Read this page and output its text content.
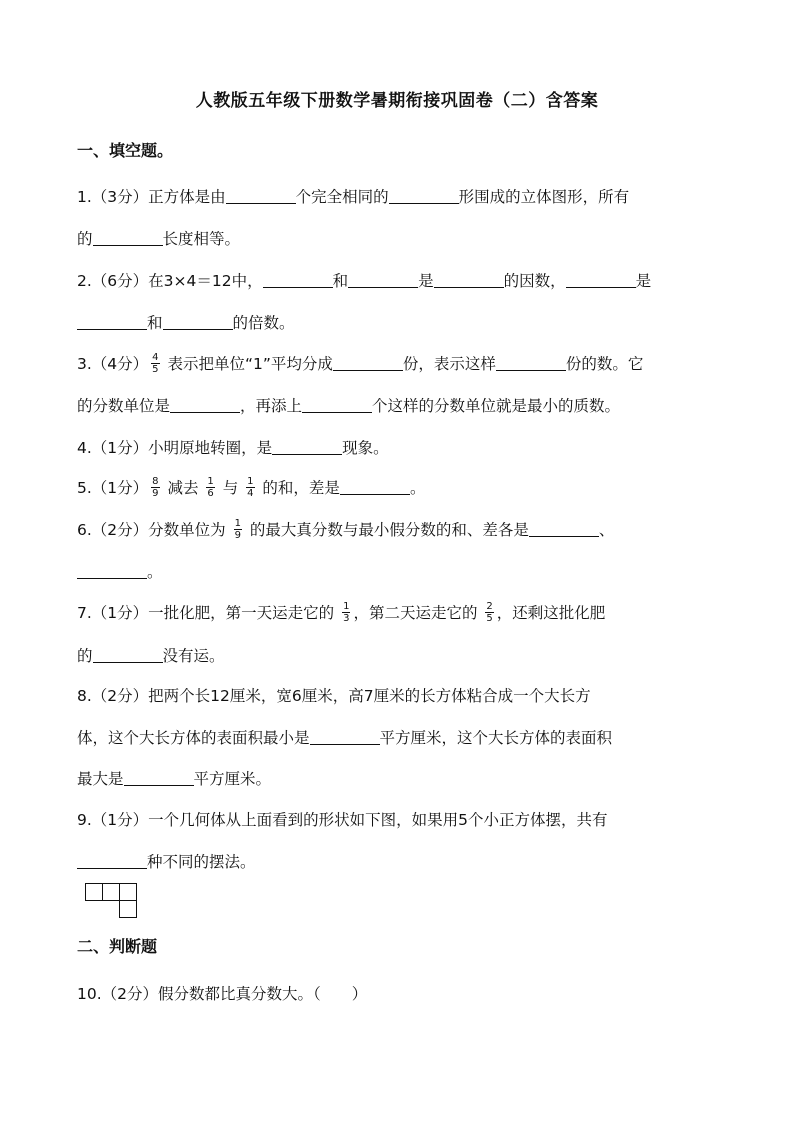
人教版五年级下册数学暑期衔接巩固卷（二）含答案
一、填空题。
1.（3分）正方体是由	个完全相同的	形围成的立体图形，所有
的	长度相等。
2.（6分）在3×4＝12中，	和	是	的因数，	是
和	的倍数。
3.（4分） $\frac{4}{5}$ 表示把单位“1”平均分成	份，表示这样	份的数。它
的分数单位是	，再添上	个这样的分数单位就是最小的质数。
4.（1分）小明原地转圈，是	现象。
5.（1分） $\frac{8}{9}$ 减去 $\frac{1}{6}$ 与 $\frac{1}{4}$ 的和，差是	。
6.（2分）分数单位为 $\frac{1}{9}$ 的最大真分数与最小假分数的和、差各是	、
。
7.（1分）一批化肥，第一天运走它的 $\frac{1}{3}$ ，第二天运走它的 $\frac{2}{5}$ ，还剩这批化肥
的	没有运。
8.（2分）把两个长12厘米，宽6厘米，高7厘米的长方体粘合成一个大长方
体，这个大长方体的表面积最小是	平方厘米，这个大长方体的表面积
最大是	平方厘米。
9.（1分）一个几何体从上面看到的形状如下图，如果用5个小正方体摆，共有
种不同的摆法。
二、判断题
10.（2分）假分数都比真分数大。（　　）
